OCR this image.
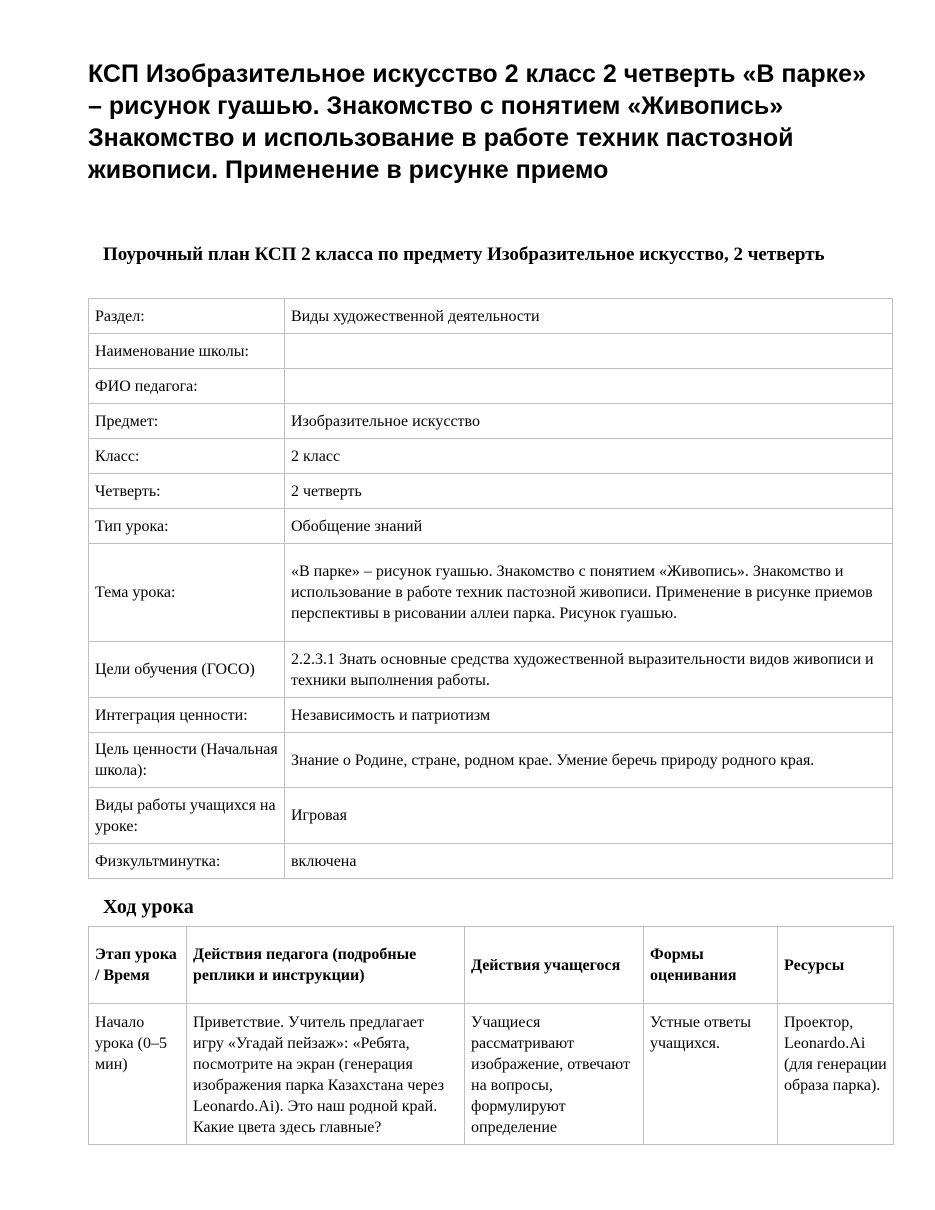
КСП Изобразительное искусство 2 класс 2 четверть «В парке» – рисунок гуашью. Знакомство с понятием «Живопись» Знакомство и использование в работе техник пастозной живописи. Применение в рисунке приемо
Поурочный план КСП 2 класса по предмету Изобразительное искусство, 2 четверть
Раздел:	Виды художественной деятельности
Наименование школы:	
ФИО педагога:	
Предмет:	Изобразительное искусство
Класс:	2 класс
Четверть:	2 четверть
Тип урока:	Обобщение знаний
Тема урока:	«В парке» – рисунок гуашью. Знакомство с понятием «Живопись». Знакомство и использование в работе техник пастозной живописи. Применение в рисунке приемов перспективы в рисовании аллеи парка. Рисунок гуашью.
Цели обучения (ГОСО)	2.2.3.1 Знать основные средства художественной выразительности видов живописи и техники выполнения работы.
Интеграция ценности:	Независимость и патриотизм
Цель ценности (Начальная школа):	Знание о Родине, стране, родном крае. Умение беречь природу родного края.
Виды работы учащихся на уроке:	Игровая
Физкультминутка:	включена
Ход урока
Этап урока / Время	Действия педагога (подробные реплики и инструкции)	Действия учащегося	Формы оценивания	Ресурсы
Начало урока (0–5 мин)	Приветствие. Учитель предлагает игру «Угадай пейзаж»: «Ребята, посмотрите на экран (генерация изображения парка Казахстана через Leonardo.Ai). Это наш родной край. Какие цвета здесь главные?	Учащиеся рассматривают изображение, отвечают на вопросы, формулируют определение	Устные ответы учащихся.	Проектор, Leonardo.Ai (для генерации образа парка).
